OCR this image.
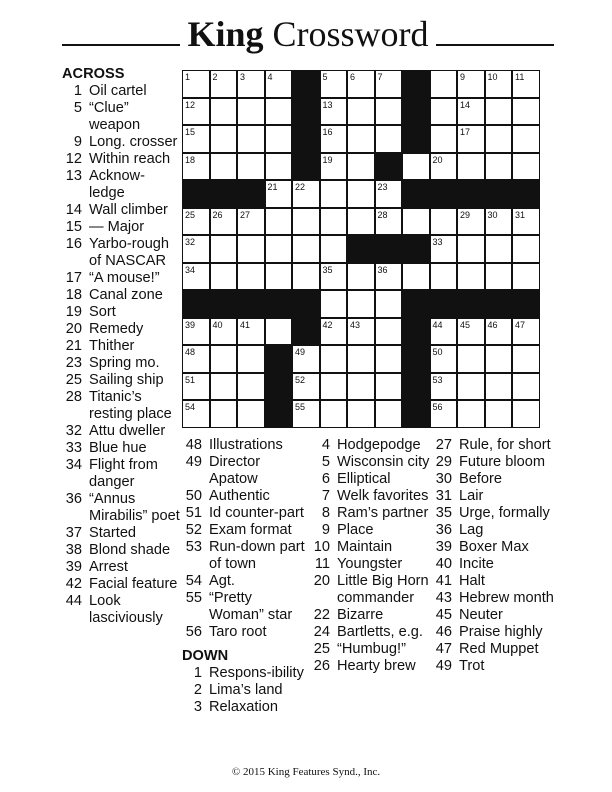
King Crossword
1 2 3 4	5 6 7	9 10 11
12	13	14
15	16	17
18	19	20
21 22	23
25 26 27	28	29 30 31
32	33
34	35	36
39 40 41	42 43	44 45 46 47
48	49	50
51	52	53
54	55	56
ACROSS
1 Oil cartel
5 “Clue” weapon
9 Long. crosser
12 Within reach
13 Acknow-ledge
14 Wall climber
15 — Major
16 Yarbo-rough of NASCAR
17 “A mouse!”
18 Canal zone
19 Sort
20 Remedy
21 Thither
23 Spring mo.
25 Sailing ship
28 Titanic’s resting place
32 Attu dweller
33 Blue hue
34 Flight from danger
36 “Annus Mirabilis” poet
37 Started
38 Blond shade
39 Arrest
42 Facial feature
44 Look lasciviously
48 Illustrations
49 Director Apatow
50 Authentic
51 Id counter-part
52 Exam format
53 Run-down part of town
54 Agt.
55 “Pretty Woman” star
56 Taro root
DOWN
1 Respons-ibility
2 Lima’s land
3 Relaxation
4 Hodgepodge
5 Wisconsin city
6 Elliptical
7 Welk favorites
8 Ram’s partner
9 Place
10 Maintain
11 Youngster
20 Little Big Horn commander
22 Bizarre
24 Bartletts, e.g.
25 “Humbug!”
26 Hearty brew
27 Rule, for short
29 Future bloom
30 Before
31 Lair
35 Urge, formally
36 Lag
39 Boxer Max
40 Incite
41 Halt
43 Hebrew month
45 Neuter
46 Praise highly
47 Red Muppet
49 Trot
© 2015 King Features Synd., Inc.
